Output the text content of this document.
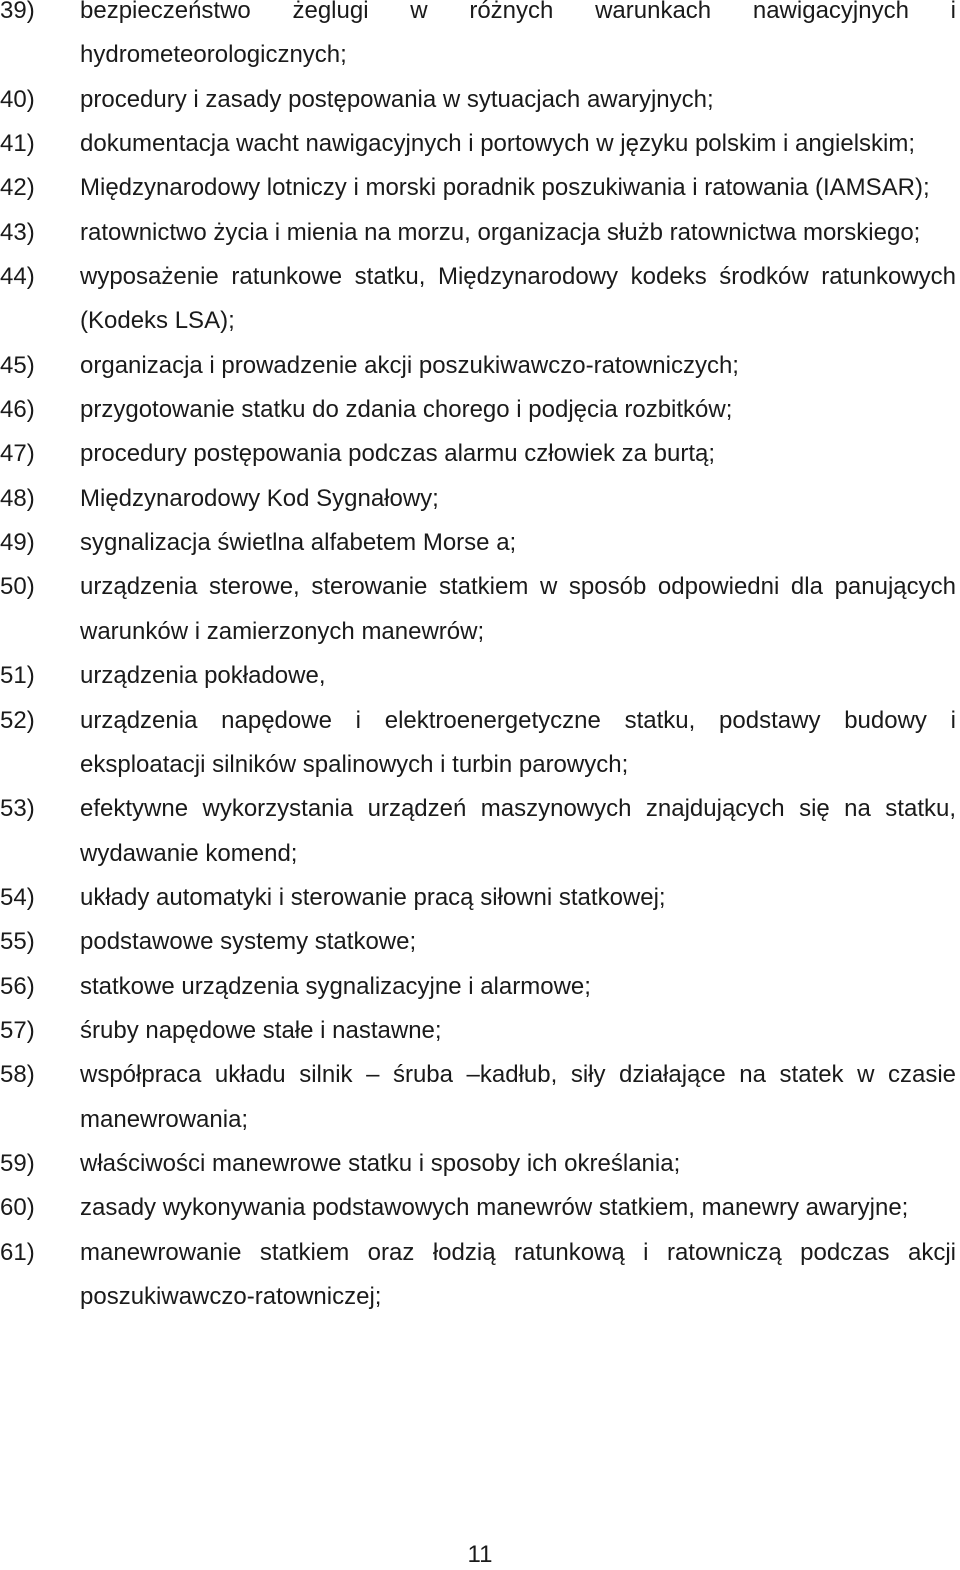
39)	bezpieczeństwo żeglugi w różnych warunkach nawigacyjnych i hydrometeorologicznych;
40)	procedury i zasady postępowania w sytuacjach awaryjnych;
41)	dokumentacja wacht nawigacyjnych i portowych w języku polskim i angielskim;
42)	Międzynarodowy lotniczy i morski poradnik poszukiwania i ratowania (IAMSAR);
43)	ratownictwo życia i mienia na morzu, organizacja służb ratownictwa morskiego;
44)	wyposażenie ratunkowe statku, Międzynarodowy kodeks środków ratunkowych (Kodeks LSA);
45)	organizacja i prowadzenie akcji poszukiwawczo-ratowniczych;
46)	przygotowanie statku do zdania chorego i podjęcia rozbitków;
47)	procedury postępowania podczas alarmu człowiek za burtą;
48)	Międzynarodowy Kod Sygnałowy;
49)	sygnalizacja świetlna alfabetem Morse a;
50)	urządzenia sterowe, sterowanie statkiem w sposób odpowiedni dla panujących warunków i zamierzonych manewrów;
51)	urządzenia pokładowe,
52)	urządzenia napędowe i elektroenergetyczne statku, podstawy budowy i eksploatacji silników spalinowych i turbin parowych;
53)	efektywne wykorzystania urządzeń maszynowych znajdujących się na statku, wydawanie komend;
54)	układy automatyki i sterowanie pracą siłowni statkowej;
55)	podstawowe systemy statkowe;
56)	statkowe urządzenia sygnalizacyjne i alarmowe;
57)	śruby napędowe stałe i nastawne;
58)	współpraca układu silnik – śruba –kadłub, siły działające na statek w czasie manewrowania;
59)	właściwości manewrowe statku i sposoby ich określania;
60)	zasady wykonywania podstawowych manewrów statkiem, manewry awaryjne;
61)	manewrowanie statkiem oraz łodzią ratunkową i ratowniczą podczas akcji poszukiwawczo-ratowniczej;
11
